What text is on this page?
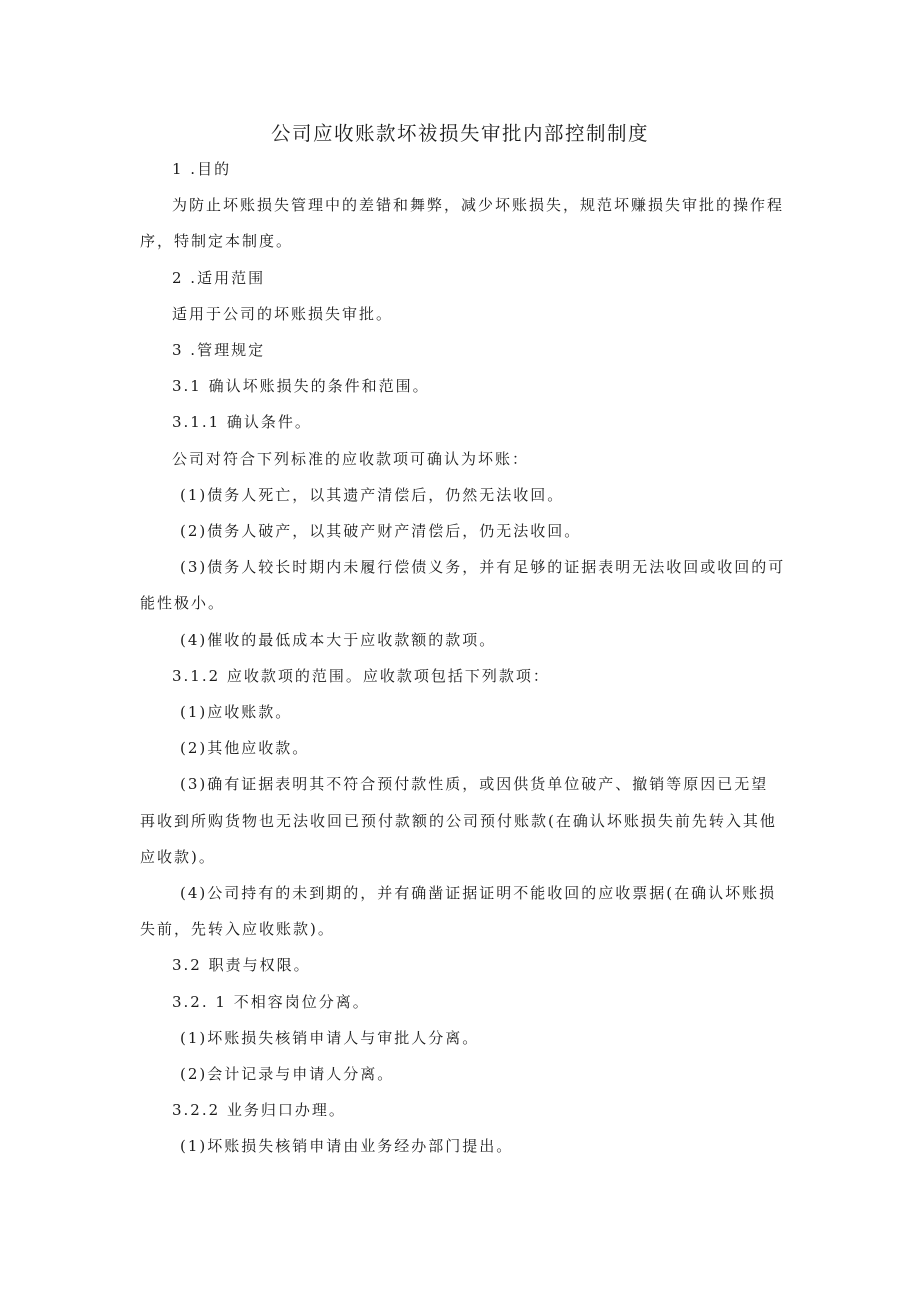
公司应收账款坏祓损失审批内部控制制度
1 .目的
为防止坏账损失管理中的差错和舞弊，减少坏账损失，规范坏赚损失审批的操作程
序，特制定本制度。
2 .适用范围
适用于公司的坏账损失审批。
3 .管理规定
3.1 确认坏账损失的条件和范围。
3.1.1 确认条件。
公司对符合下列标准的应收款项可确认为坏账：
(1)债务人死亡，以其遗产清偿后，仍然无法收回。
(2)债务人破产，以其破产财产清偿后，仍无法收回。
(3)债务人较长时期内未履行偿债义务，并有足够的证据表明无法收回或收回的可
能性极小。
(4)催收的最低成本大于应收款额的款项。
3.1.2 应收款项的范围。应收款项包括下列款项：
(1)应收账款。
(2)其他应收款。
(3)确有证据表明其不符合预付款性质，或因供货单位破产、撤销等原因已无望
再收到所购货物也无法收回已预付款额的公司预付账款(在确认坏账损失前先转入其他
应收款)。
(4)公司持有的未到期的，并有确凿证据证明不能收回的应收票据(在确认坏账损
失前，先转入应收账款)。
3.2 职责与权限。
3.2. 1 不相容岗位分离。
(1)坏账损失核销申请人与审批人分离。
(2)会计记录与申请人分离。
3.2.2 业务归口办理。
(1)坏账损失核销申请由业务经办部门提出。
